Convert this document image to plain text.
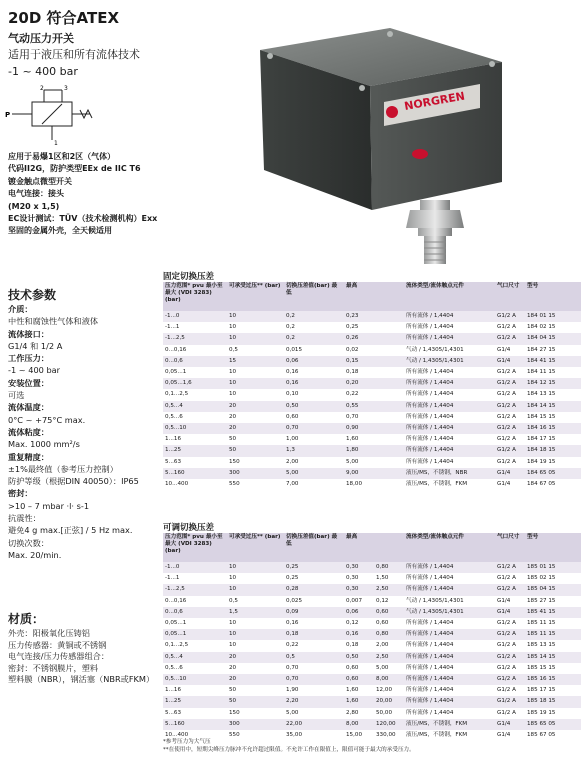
20D 符合ATEX
气动压力开关
适用于液压和所有流体技术
-1 ~ 400 bar
P
2	3
1
应用于易爆1区和2区（气体）
代码II2G，防护类型EEx de IIC T6
镀金触点微型开关
电气连接：接头
(M20 x 1,5)
EC设计测试：TÜV（技术检测机构）Exx
坚固的金属外壳，全天候适用
NORGREN
技术参数
介质：
中性和腐蚀性气体和液体
流体接口：
G1/4 和 1/2 A
工作压力：
-1 ~ 400 bar
安装位置：
可选
流体温度：
0°C ~ +75°C max.
流体粘度：
Max. 1000 mm²/s
重复精度：
±1%最终值（参考压力控制）
防护等级（根据DIN 40050）：IP65
密封：
>10 – 7 mbar ·l· s-1
抗震性：
避免4 g max.[正弦] / 5 Hz max.
切换次数：
Max. 20/min.
材质：
外壳：阳极氧化压铸铝
压力传感器：黄铜或不锈钢
电气连接/压力传感器组合：
密封：不锈钢膜片，塑料
塑料膜（NBR），钢活塞（NBR或FKM）
固定切换压差
压力范围* pvu 最小至最大 (VDI 3283) (bar)	可承受过压** (bar)	切换压差值(bar) 最低	最高		流体类型/流体触点元件	气口尺寸	型号
-1...0	10	0,2	0,23		所有流体 / 1,4404	G1/2 A	184 01 15
-1...1	10	0,2	0,25		所有流体 / 1,4404	G1/2 A	184 02 15
-1...2,5	10	0,2	0,26		所有流体 / 1,4404	G1/2 A	184 04 15
0...0,16	0,5	0,015	0,02		气动 / 1,4305/1,4301	G1/4	184 27 15
0...0,6	15	0,06	0,15		气动 / 1,4305/1,4301	G1/4	184 41 15
0,05...1	10	0,16	0,18		所有流体 / 1,4404	G1/2 A	184 11 15
0,05...1,6	10	0,16	0,20		所有流体 / 1,4404	G1/2 A	184 12 15
0,1...2,5	10	0,10	0,22		所有流体 / 1,4404	G1/2 A	184 13 15
0,5...4	20	0,50	0,55		所有流体 / 1,4404	G1/2 A	184 14 15
0,5...6	20	0,60	0,70		所有流体 / 1,4404	G1/2 A	184 15 15
0,5...10	20	0,70	0,90		所有流体 / 1,4404	G1/2 A	184 16 15
1...16	50	1,00	1,60		所有流体 / 1,4404	G1/2 A	184 17 15
1...25	50	1,3	1,80		所有流体 / 1,4404	G1/2 A	184 18 15
5...63	150	2,00	5,00		所有流体 / 1,4404	G1/2 A	184 19 15
5...160	300	5,00	9,00		液压/MS，不锈钢，NBR	G1/4	184 65 05
10...400	550	7,00	18,00		液压/MS，不锈钢，FKM	G1/4	184 67 05
可调切换压差
压力范围* pvu 最小至最大 (VDI 3283) (bar)	可承受过压** (bar)	切换压差值(bar) 最低	最高		流体类型/流体触点元件	气口尺寸	型号
-1...0	10	0,25	0,30	0,80	所有流体 / 1,4404	G1/2 A	185 01 15
-1...1	10	0,25	0,30	1,50	所有流体 / 1,4404	G1/2 A	185 02 15
-1...2,5	10	0,28	0,30	2,50	所有流体 / 1,4404	G1/2 A	185 04 15
0...0,16	0,5	0,025	0,007	0,12	气动 / 1,4305/1,4301	G1/4	185 27 15
0...0,6	1,5	0,09	0,06	0,60	气动 / 1,4305/1,4301	G1/4	185 41 15
0,05...1	10	0,16	0,12	0,60	所有流体 / 1,4404	G1/2 A	185 11 15
0,05...1	10	0,18	0,16	0,80	所有流体 / 1,4404	G1/2 A	185 11 15
0,1...2,5	10	0,22	0,18	2,00	所有流体 / 1,4404	G1/2 A	185 13 15
0,5...4	20	0,5	0,50	2,50	所有流体 / 1,4404	G1/2 A	185 14 15
0,5...6	20	0,70	0,60	5,00	所有流体 / 1,4404	G1/2 A	185 15 15
0,5...10	20	0,70	0,60	8,00	所有流体 / 1,4404	G1/2 A	185 16 15
1...16	50	1,90	1,60	12,00	所有流体 / 1,4404	G1/2 A	185 17 15
1...25	50	2,20	1,60	20,00	所有流体 / 1,4404	G1/2 A	185 18 15
5...63	150	5,00	2,80	50,00	所有流体 / 1,4404	G1/2 A	185 19 15
5...160	300	22,00	8,00	120,00	液压/MS，不锈钢，FKM	G1/4	185 65 05
10...400	550	35,00	15,00	330,00	液压/MS，不锈钢，FKM	G1/4	185 67 05
*参考压力为大气压
**在使用中，短期尖峰压力脉冲不允许超过限值。不允许工作在限值上，限值可能于最大的承受压力。
